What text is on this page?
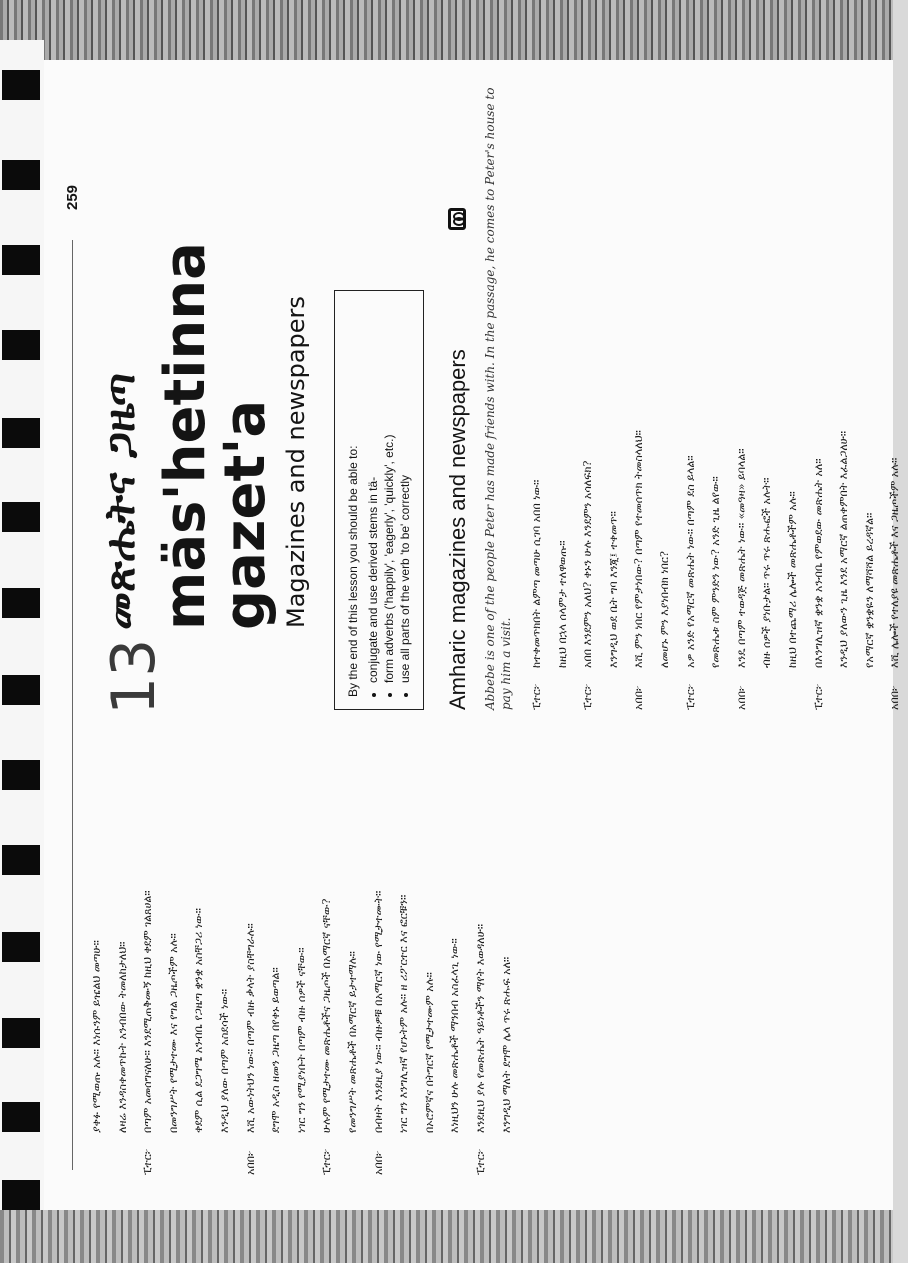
259
13
መጽሔትና ጋዜጣ mäs'hetinna
gazet'a Magazines and newspapers	By the end of this lesson you should be able to: • conjugate and use derived stems in tä- • form adverbs ('happily', 'eagerly', 'quickly', etc.) • use all parts of the verb 'to be' correctly Amharic magazines and newspapers Abbebe is one of the people Peter has made friends with. In the passage, he comes to Peter's house to pay him a visit.	ፒተር፦
ከተቀመጥክበት ልምጣ መጣሁ ሲገባ አበበ ነው።	ከዚህ በኋላ ሰላምታ ተለዋወጡ።
ፒተር፦
አበበ እንደምን አለህ? ቀኑን ሁሉ እንደምን አሳለፍክ?	እንግዲህ ወደ ቤት ግባ እንጂ፤ ተቀመጥ።
አበበ፦
እሺ ምን ነበር የምታነበው? በጣም የተመሰጥክ ትመስላለህ።	ለመሆኑ ምን እያነበብክ ነበር?
ፒተር፦
አዎ አንድ የአማርኛ መጽሔት ነው። በጣም ደስ ይላል።	የመጽሔቱ ስም ምንድን ነው? አንድ ጊዜ ልየው።
አበበ፦
እንዴ በጣም ተወዳጅ መጽሔት ነው። «መዓዛ» ይባላል።	ብዙ ሰዎች ያነቡታል። ጥሩ ጥሩ ጽሑፎች አሉት።	ከዚህ በተጨማሪ ሌሎች መጽሔቶችም አሉ።
ፒተር፦
በእንግሊዝኛ ቋንቋ አንብቤ የምወደው መጽሔት አለ።	እንዲህ ያለውን ጊዜ እንደ አማርኛ ልጠቀምበት እፈልጋለሁ።	የአማርኛ ቋንቋዬን ለማሻሻል ይረዳኛል።
አበበ፦
እሺ ሌሎች የተለያዩ መጽሔቶች እና ጋዜጦችም አሉ።
ያቀፉ የሚወጡ አሉ። እነሱንም ይዤልህ መጣሁ።	ለዛሬ እንዳስቀመጥኩት አንብበው ትመለከታለህ።
ፒተር፦
በጣም አመሰግናለሁ። እንደሚጠቅሙኝ ከዚህ ቀደም ገልጸሀል።	በመንግሥት የሚታተሙ እና የግል ጋዜጦችም አሉ።	ቀደም ሲል ደጋግሜ አንብቤ የጋዜጣ ቋንቋ አስቸጋሪ ነው።	እንዲህ ያለው በጣም አስደሳች ነው።
አበበ፦
እሺ አውነትህን ነው። በጣም ብዙ ቃላት ያስቸግራሉ።	ደግሞ አዲስ ዘመን ጋዜጣ በየቀኑ ይወጣል።	ነገር ግን የሚያነቡት በጣም ብዙ ሰዎች ናቸው።
ፒተር፦
ሁሉም የሚታተሙ መጽሔቶችና ጋዜጦች በአማርኛ ናቸው?	የመንግሥት መጽሔቶች በአማርኛ ይታተማሉ።
አበበ፦
በብዛት እንደዚያ ነው። ብዙዎቹ በአማርኛ ነው የሚታተሙት።	ነገር ግን እንግሊዝኛ የሆኑትም አሉ። ዘ ሪፖርተር እና ፎርቹን።	በኦሮምኛና በትግርኛ የሚታተሙም አሉ።	እነዚህን ሁሉ መጽሔቶች ማንበብ አስፈላጊ ነው።
ፒተር፦
እንደዚህ ያሉ የመጽሔት ዓይነቶችን ማየት እወዳለሁ።	እንግዲህ ማለት ደግሞ ሌላ ጥሩ ጽሑፍ አለ።
